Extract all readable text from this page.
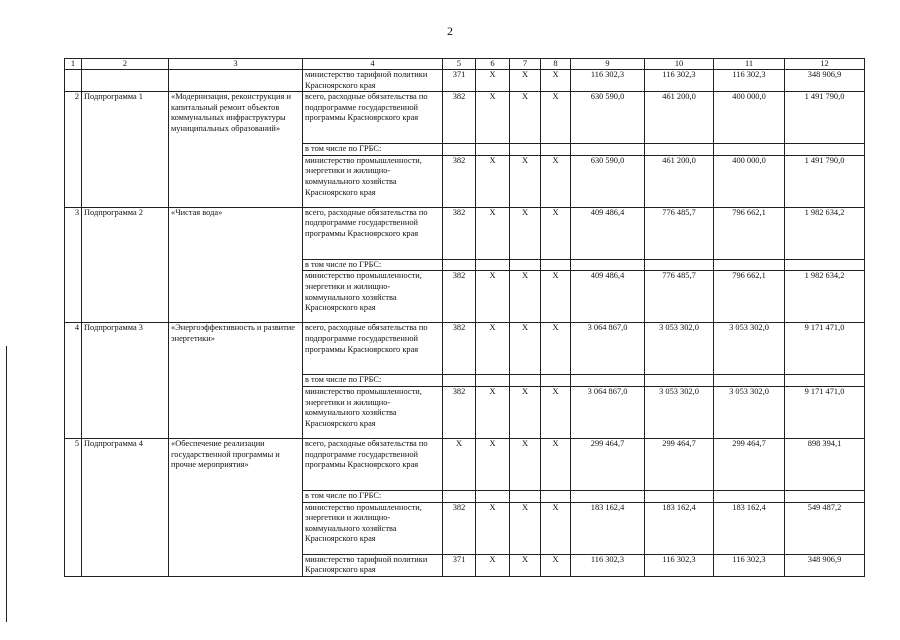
2
1	2	3	4	5	6	7	8	9	10	11	12
			министерство тарифной политики Красноярского края	371	Х	Х	Х	116 302,3	116 302,3	116 302,3	348 906,9
2	Подпрограмма 1	«Модернизация, реконструкция и капитальный ремонт объектов коммунальных инфраструктуры муниципальных образований»	всего, расходные обязательства по подпрограмме государственной программы Красноярского края	382	Х	Х	Х	630 590,0	461 200,0	400 000,0	1 491 790,0
			в том числе по ГРБС:								
			министерство промышленности, энергетики и жилищно-коммунального хозяйства Красноярского края	382	Х	Х	Х	630 590,0	461 200,0	400 000,0	1 491 790,0
3	Подпрограмма 2	«Чистая вода»	всего, расходные обязательства по подпрограмме государственной программы Красноярского края	382	Х	Х	Х	409 486,4	776 485,7	796 662,1	1 982 634,2
			в том числе по ГРБС:								
			министерство промышленности, энергетики и жилищно-коммунального хозяйства Красноярского края	382	Х	Х	Х	409 486,4	776 485,7	796 662,1	1 982 634,2
4	Подпрограмма 3	«Энергоэффективность и развитие энергетики»	всего, расходные обязательства по подпрограмме государственной программы Красноярского края	382	Х	Х	Х	3 064 867,0	3 053 302,0	3 053 302,0	9 171 471,0
			в том числе по ГРБС:								
			министерство промышленности, энергетики и жилищно-коммунального хозяйства Красноярского края	382	Х	Х	Х	3 064 867,0	3 053 302,0	3 053 302,0	9 171 471,0
5	Подпрограмма 4	«Обеспечение реализации государственной программы и прочие мероприятия»	всего, расходные обязательства по подпрограмме государственной программы Красноярского края	Х	Х	Х	Х	299 464,7	299 464,7	299 464,7	898 394,1
			в том числе по ГРБС:								
			министерство промышленности, энергетики и жилищно-коммунального хозяйства Красноярского края	382	Х	Х	Х	183 162,4	183 162,4	183 162,4	549 487,2
			министерство тарифной политики Красноярского края	371	Х	Х	Х	116 302,3	116 302,3	116 302,3	348 906,9
